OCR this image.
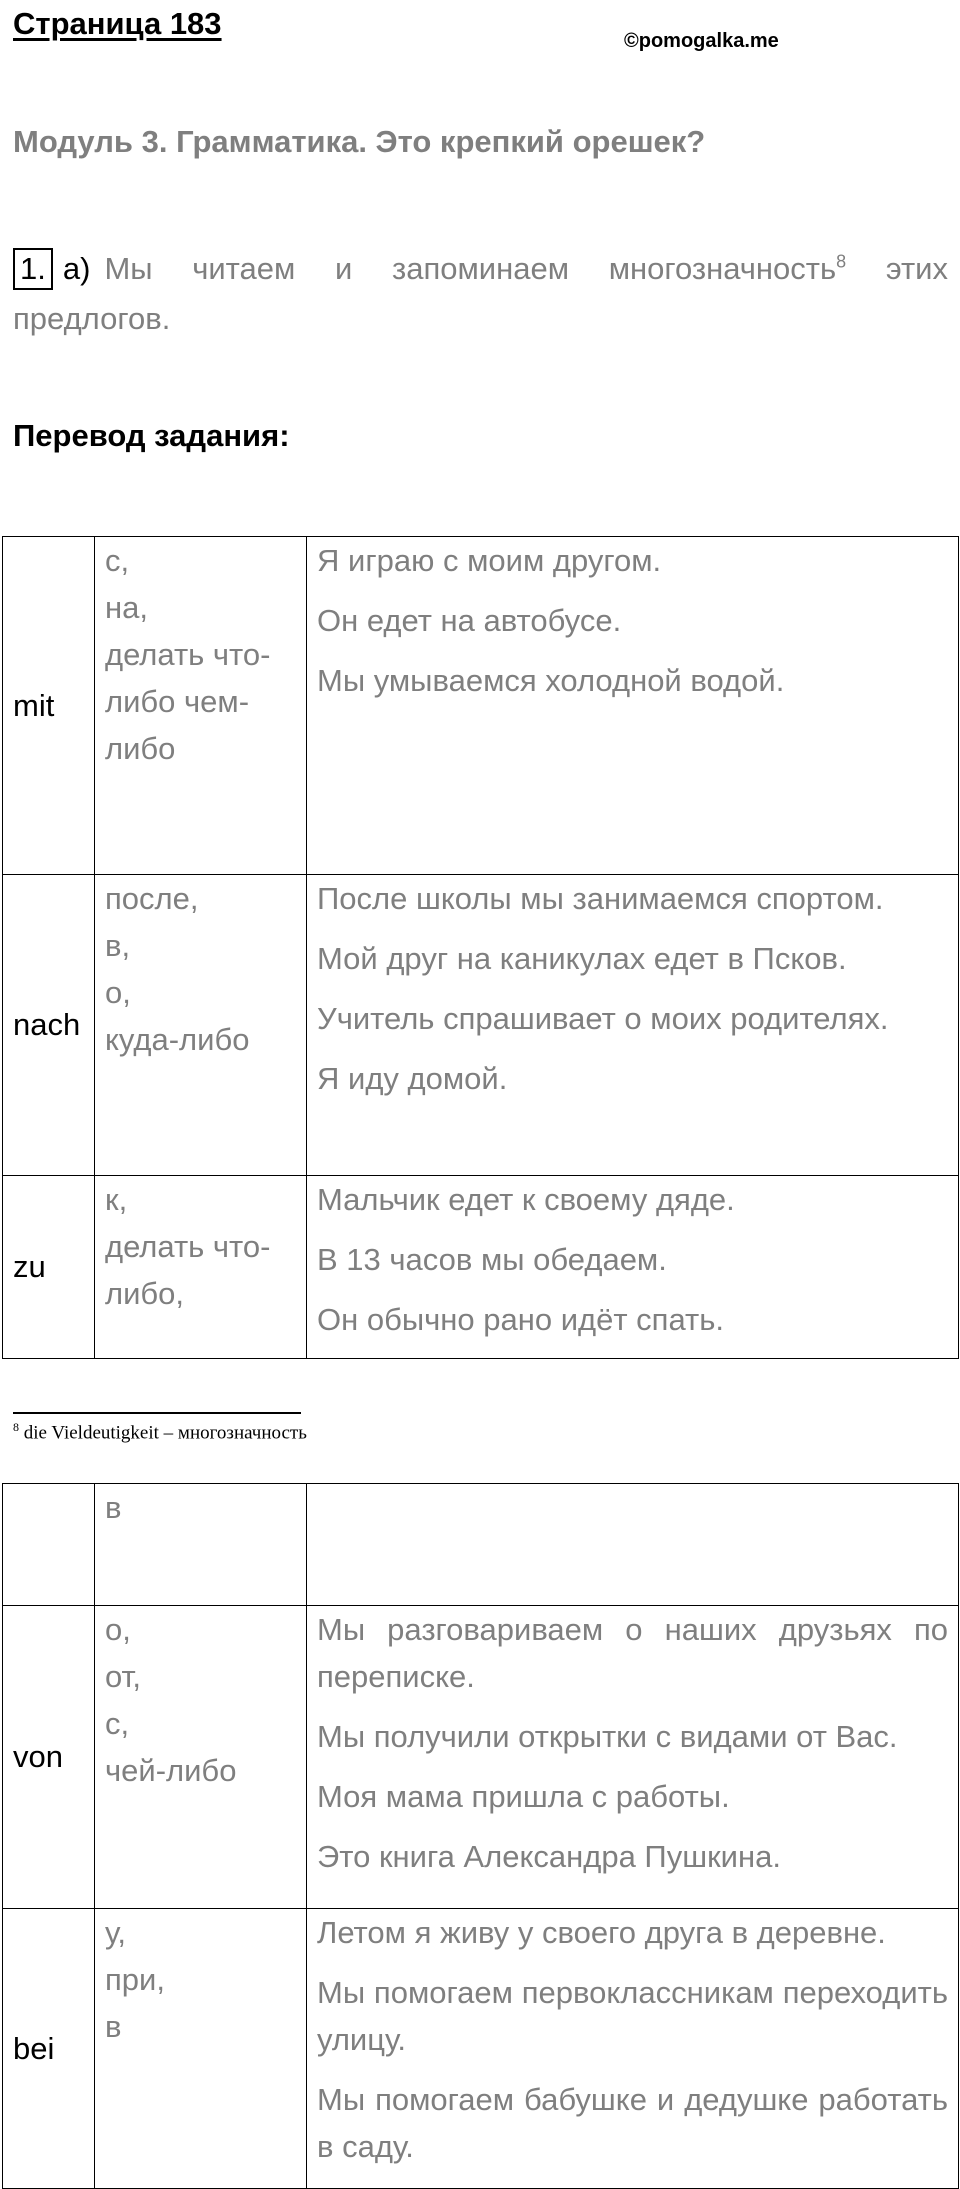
Страница 183	©pomogalka.me
Модуль 3. Грамматика. Это крепкий орешек?

1. а) Мы читаем и запоминаем многозначность$^8$ этих предлогов.

Перевод задания:
mit	с,
на,
делать что-либо чем-либо	Я играю с моим другом.
Он едет на автобусе.
Мы умываемся холодной водой.

nach	после,
в,
о,
куда-либо	После школы мы занимаемся спортом.
Мой друг на каникулах едет в Псков.
Учитель спрашивает о моих родителях.
Я иду домой.

zu	к,
делать что-либо,	Мальчик едет к своему дяде.
В 13 часов мы обедаем.
Он обычно рано идёт спать.
$^8$ die Vieldeutigkeit – многозначность

	в	

von	о,
от,
с,
чей-либо	Мы разговариваем о наших друзьях по переписке.
Мы получили открытки с видами от Вас.
Моя мама пришла с работы.
Это книга Александра Пушкина.

bei	у,
при,
в	Летом я живу у своего друга в деревне.
Мы помогаем первоклассникам переходить улицу.
Мы помогаем бабушке и дедушке работать в саду.
